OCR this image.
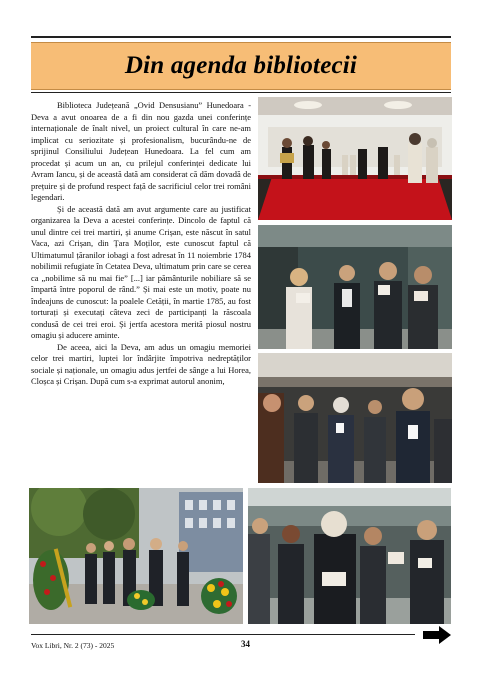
Din agenda bibliotecii

Biblioteca Județeană „Ovid Densusianu” Hunedoara - Deva a avut onoarea de a fi din nou gazda unei conferințe internaționale de înalt nivel, un proiect cultural în care ne-am implicat cu seriozitate și profesionalism, bucurându-ne de sprijinul Consiliului Județean Hunedoara. La fel cum am procedat și acum un an, cu prilejul conferinței dedicate lui Avram Iancu, și de această dată am considerat că dăm dovadă de prețuire și de profund respect față de sacrificiul celor trei români legendari.

Și de această dată am avut argumente care au justificat organizarea la Deva a acestei conferințe. Dincolo de faptul că unul dintre cei trei martiri, și anume Crișan, este născut în satul Vaca, azi Crișan, din Țara Moților, este cunoscut faptul că Ultimatumul țăranilor iobagi a fost adresat în 11 noiembrie 1784 nobilimii refugiate în Cetatea Deva, ultimatum prin care se cerea ca „nobilime să nu mai fie” [...] iar pământurile nobiliare să se împartă între poporul de rând.” Și mai este un motiv, poate nu îndeajuns de cunoscut: la poalele Cetății, în martie 1785, au fost torturați și executați câteva zeci de participanți la răscoala condusă de cei trei eroi. Și jertfa acestora merită piosul nostru omagiu și aducere aminte.

De aceea, aici la Deva, am adus un omagiu memoriei celor trei martiri, luptei lor îndârjite împotriva nedreptăților sociale și naționale, un omagiu adus jertfei de sânge a lui Horea, Cloșca și Crișan. După cum s-a exprimat autorul anonim,

Vox Libri, Nr. 2 (73) - 2025	34
